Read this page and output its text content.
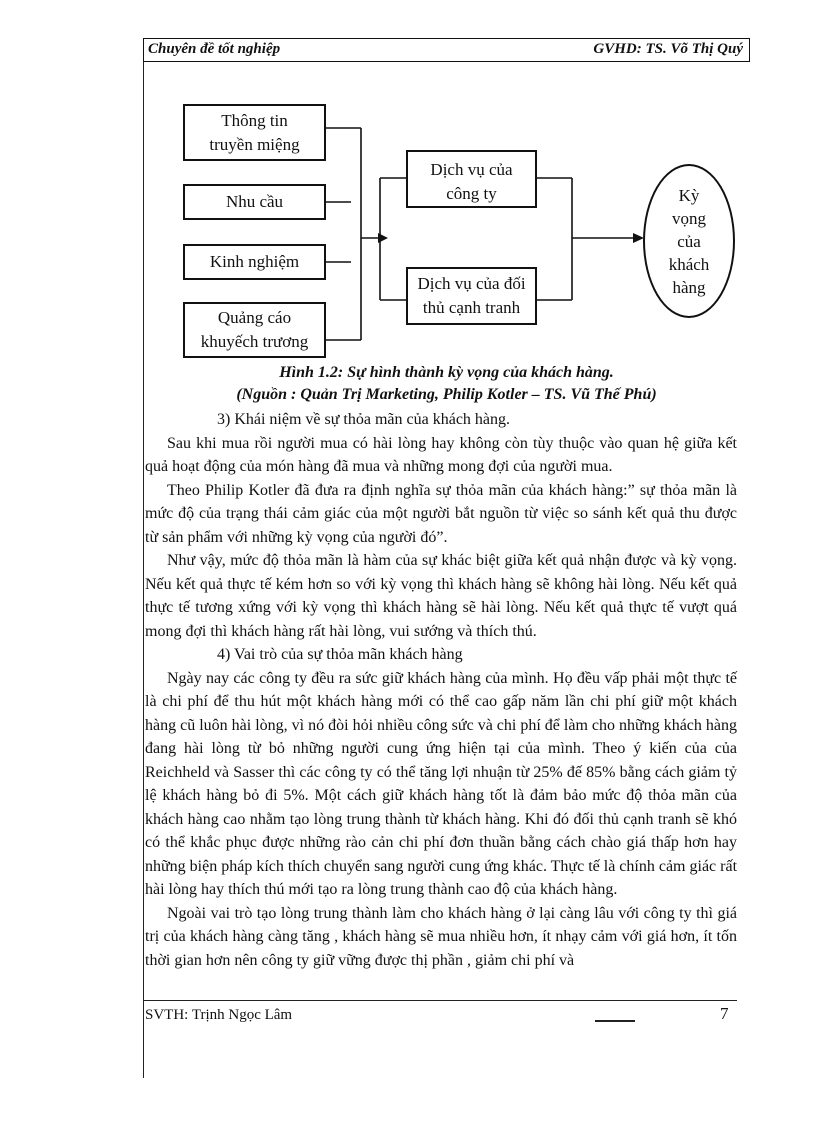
Chuyên đề tốt nghiệp	GVHD: TS. Võ Thị Quý
Thông tin
truyền miệng
Nhu cầu
Kinh nghiệm
Quảng cáo
khuyếch trương
Dịch vụ của
công ty
Dịch vụ của đối
thủ cạnh tranh
Kỳ
vọng
của
khách
hàng
Hình 1.2: Sự hình thành kỳ vọng của khách hàng.
(Nguồn : Quản Trị Marketing, Philip Kotler – TS. Vũ Thế Phú)

3) Khái niệm về sự thỏa mãn của khách hàng.

Sau khi mua rồi người mua có hài lòng hay không còn tùy thuộc vào quan hệ giữa kết quả hoạt động của món hàng đã mua và những mong đợi của người mua.

Theo Philip Kotler đã đưa ra định nghĩa sự thỏa mãn của khách hàng:” sự thỏa mãn là mức độ của trạng thái cảm giác của một người bắt nguồn từ việc so sánh kết quả thu được từ sản phẩm với những kỳ vọng của người đó”.

Như vậy, mức độ thỏa mãn là hàm của sự khác biệt giữa kết quả nhận được và kỳ vọng. Nếu kết quả thực tế kém hơn so với kỳ vọng thì khách hàng sẽ không hài lòng. Nếu kết quả thực tế tương xứng với kỳ vọng thì khách hàng sẽ hài lòng. Nếu kết quả thực tế vượt quá mong đợi thì khách hàng rất hài lòng, vui sướng và thích thú.

4) Vai trò của sự thỏa mãn khách hàng

Ngày nay các công ty đều ra sức giữ khách hàng của mình. Họ đều vấp phải một thực tế là chi phí để thu hút một khách hàng mới có thể cao gấp năm lần chi phí giữ một khách hàng cũ luôn hài lòng, vì nó đòi hỏi nhiều công sức và chi phí để làm cho những khách hàng đang hài lòng từ bỏ những người cung ứng hiện tại của mình. Theo ý kiến của của Reichheld và Sasser thì các công ty có thể tăng lợi nhuận từ 25% đế 85% bằng cách giảm tỷ lệ khách hàng bỏ đi 5%. Một cách giữ khách hàng tốt là đảm bảo mức độ thỏa mãn của khách hàng cao nhằm tạo lòng trung thành từ khách hàng. Khi đó đối thủ cạnh tranh sẽ khó có thể khắc phục được những rào cản chi phí đơn thuần bằng cách chào giá thấp hơn hay những biện pháp kích thích chuyển sang người cung ứng khác. Thực tế là chính cảm giác rất hài lòng hay thích thú mới tạo ra lòng trung thành cao độ của khách hàng.

Ngoài vai trò tạo lòng trung thành làm cho khách hàng ở lại càng lâu với công ty thì giá trị của khách hàng càng tăng , khách hàng sẽ mua nhiều hơn, ít nhạy cảm với giá hơn, ít tốn thời gian hơn nên công ty giữ vững được thị phần , giảm chi phí và

SVTH: Trịnh Ngọc Lâm	7
